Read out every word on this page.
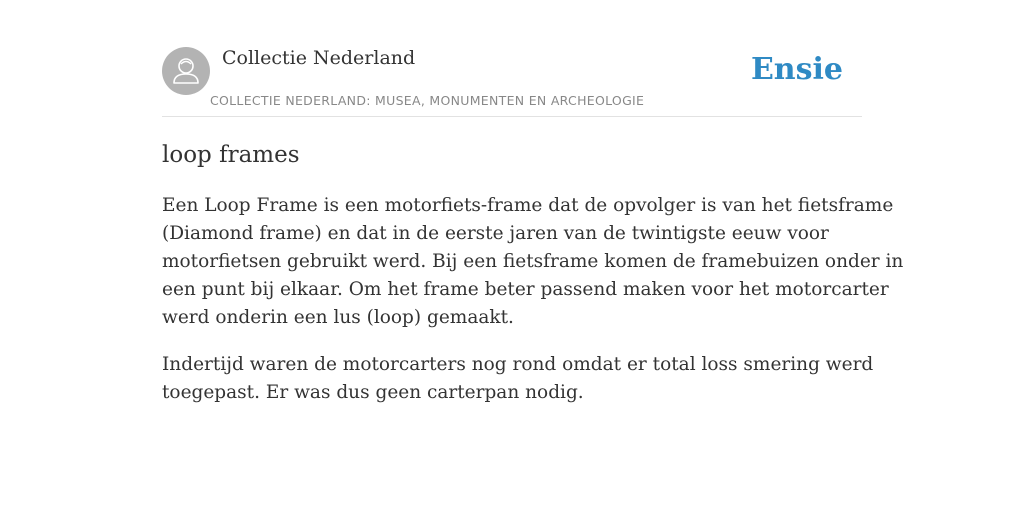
Collectie Nederland
COLLECTIE NEDERLAND: MUSEA, MONUMENTEN EN ARCHEOLOGIE
Ensie
loop frames

Een Loop Frame is een motorfiets-frame dat de opvolger is van het fietsframe
(Diamond frame) en dat in de eerste jaren van de twintigste eeuw voor
motorfietsen gebruikt werd. Bij een fietsframe komen de framebuizen onder in
een punt bij elkaar. Om het frame beter passend maken voor het motorcarter
werd onderin een lus (loop) gemaakt.

Indertijd waren de motorcarters nog rond omdat er total loss smering werd
toegepast. Er was dus geen carterpan nodig.
